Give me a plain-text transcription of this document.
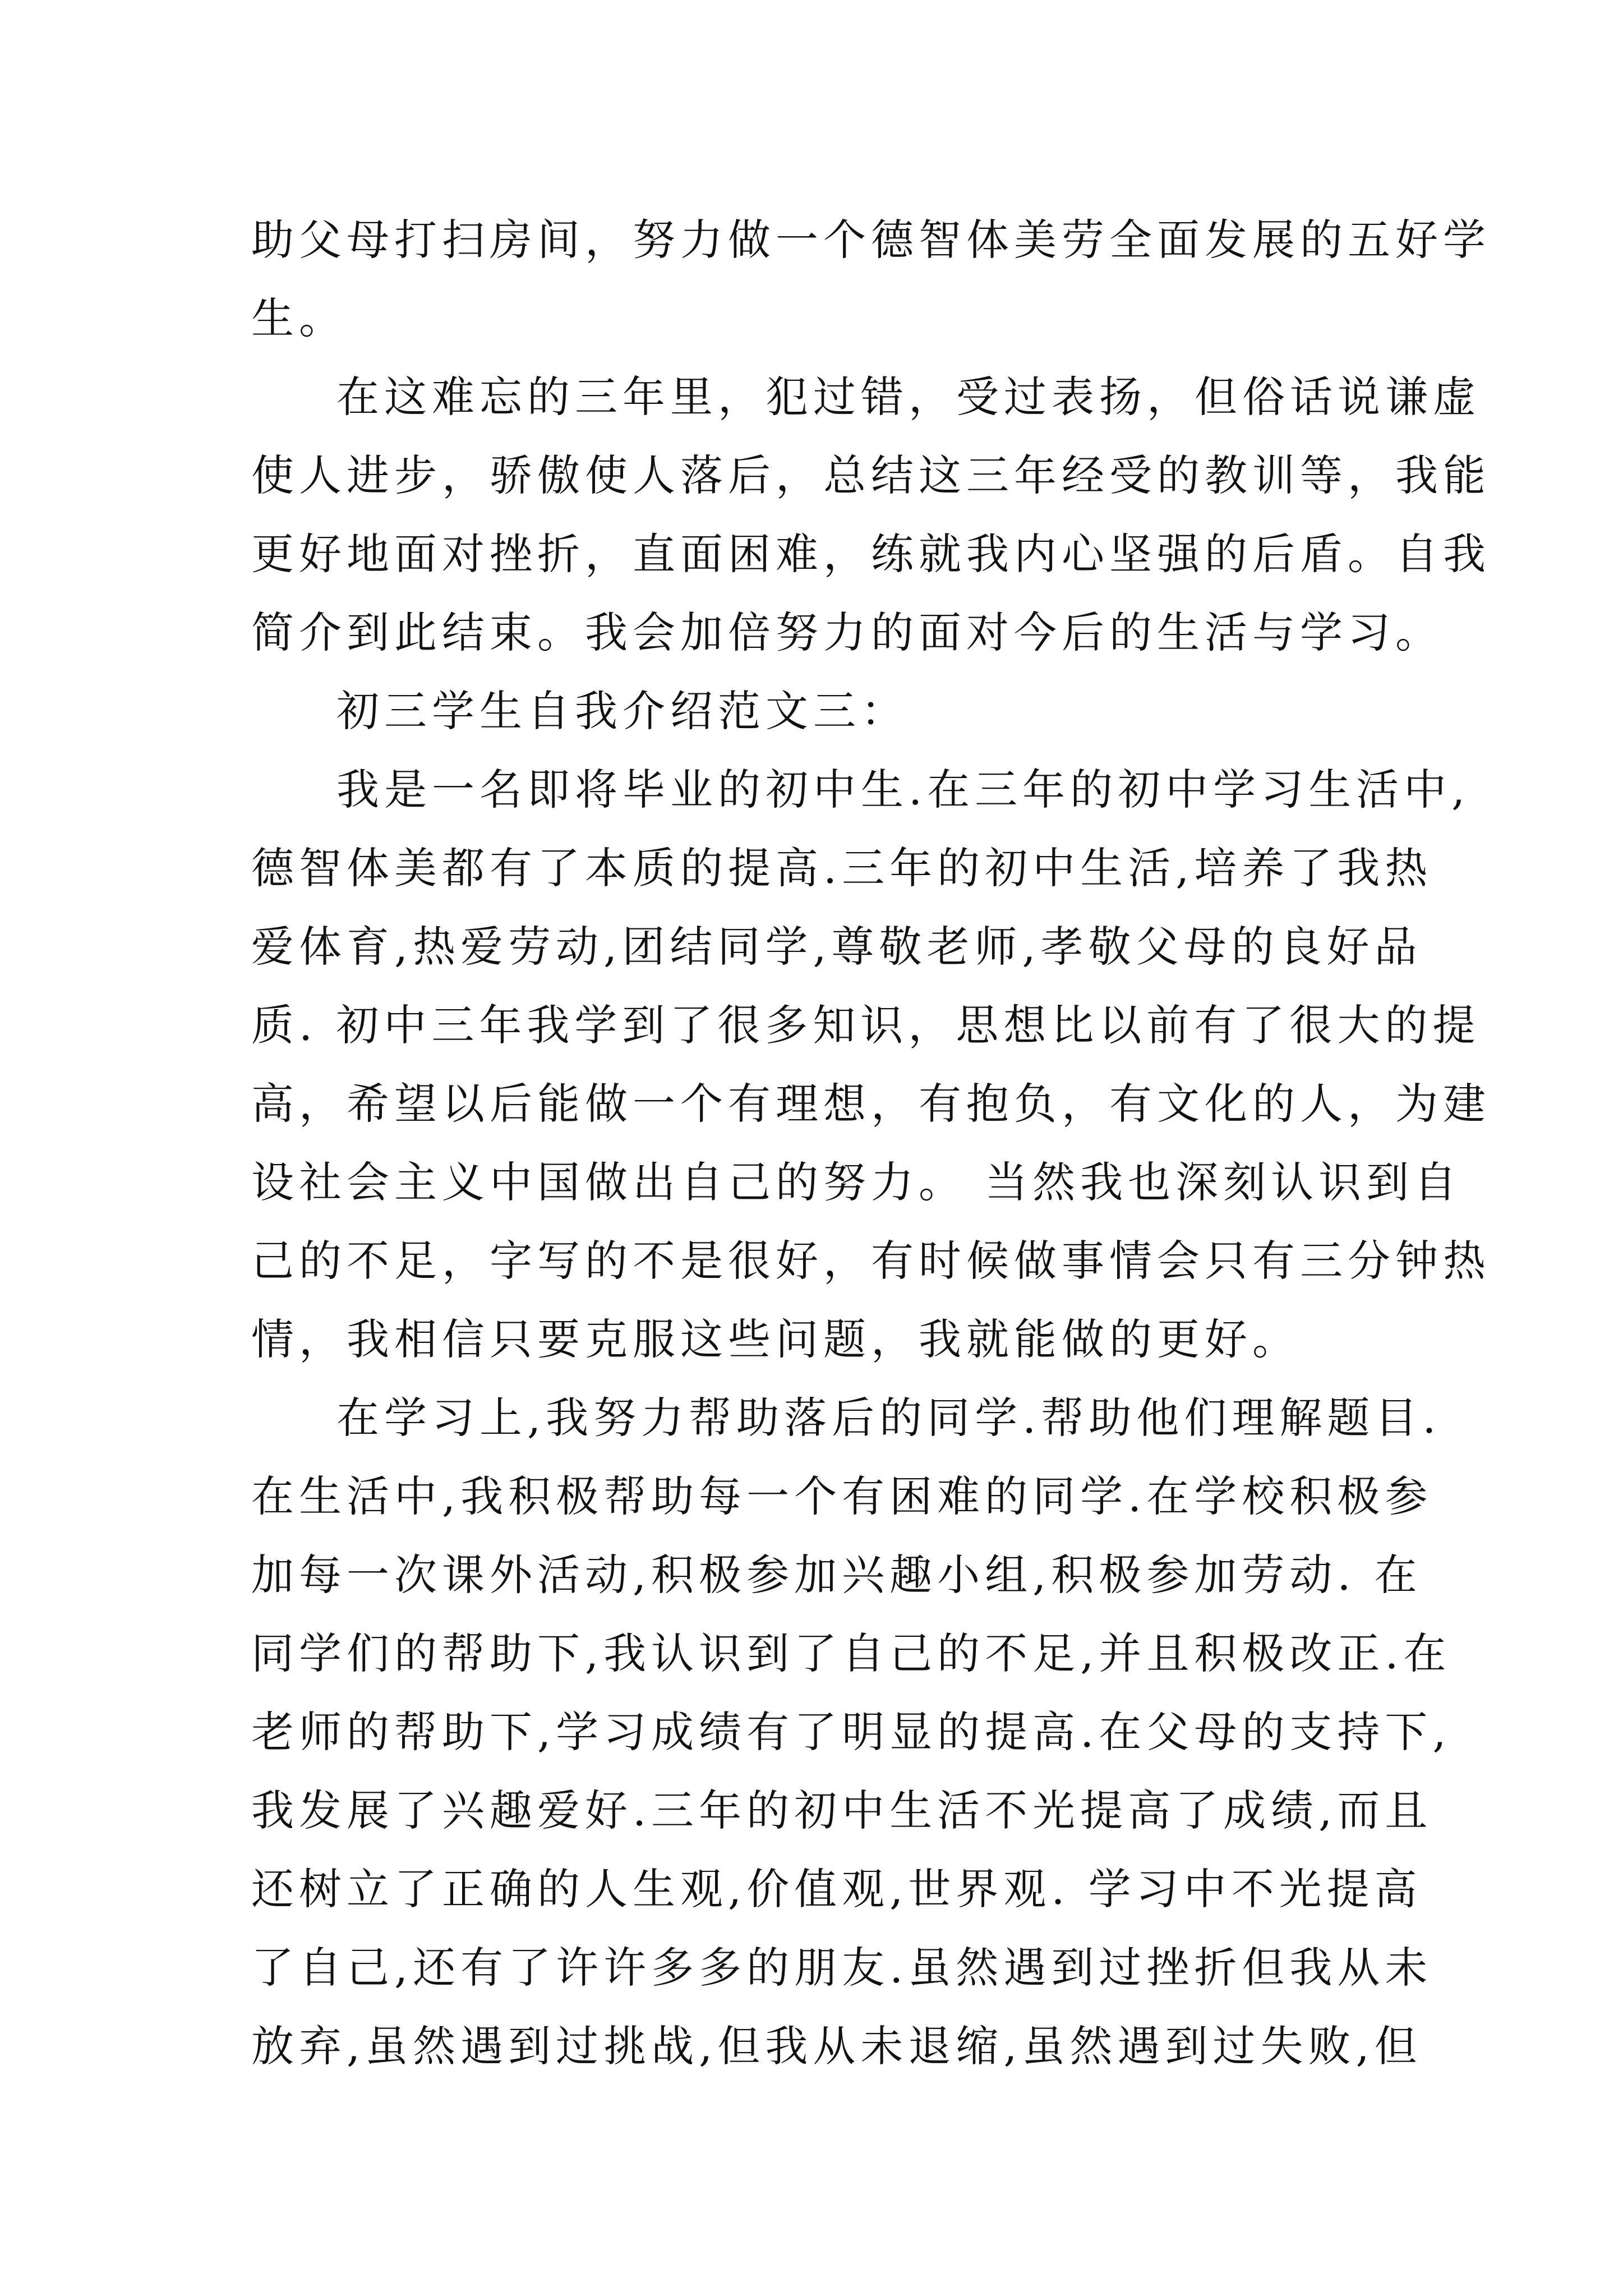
助父母打扫房间，努力做一个德智体美劳全面发展的五好学
生。
在这难忘的三年里，犯过错，受过表扬，但俗话说谦虚
使人进步，骄傲使人落后，总结这三年经受的教训等，我能
更好地面对挫折，直面困难，练就我内心坚强的后盾。自我
简介到此结束。我会加倍努力的面对今后的生活与学习。
初三学生自我介绍范文三：
我是一名即将毕业的初中生.在三年的初中学习生活中,
德智体美都有了本质的提高.三年的初中生活,培养了我热
爱体育,热爱劳动,团结同学,尊敬老师,孝敬父母的良好品
质. 初中三年我学到了很多知识，思想比以前有了很大的提
高，希望以后能做一个有理想，有抱负，有文化的人，为建
设社会主义中国做出自己的努力。 当然我也深刻认识到自
己的不足，字写的不是很好，有时候做事情会只有三分钟热
情，我相信只要克服这些问题，我就能做的更好。
在学习上,我努力帮助落后的同学.帮助他们理解题目.
在生活中,我积极帮助每一个有困难的同学.在学校积极参
加每一次课外活动,积极参加兴趣小组,积极参加劳动. 在
同学们的帮助下,我认识到了自己的不足,并且积极改正.在
老师的帮助下,学习成绩有了明显的提高.在父母的支持下,
我发展了兴趣爱好.三年的初中生活不光提高了成绩,而且
还树立了正确的人生观,价值观,世界观. 学习中不光提高
了自己,还有了许许多多的朋友.虽然遇到过挫折但我从未
放弃,虽然遇到过挑战,但我从未退缩,虽然遇到过失败,但
